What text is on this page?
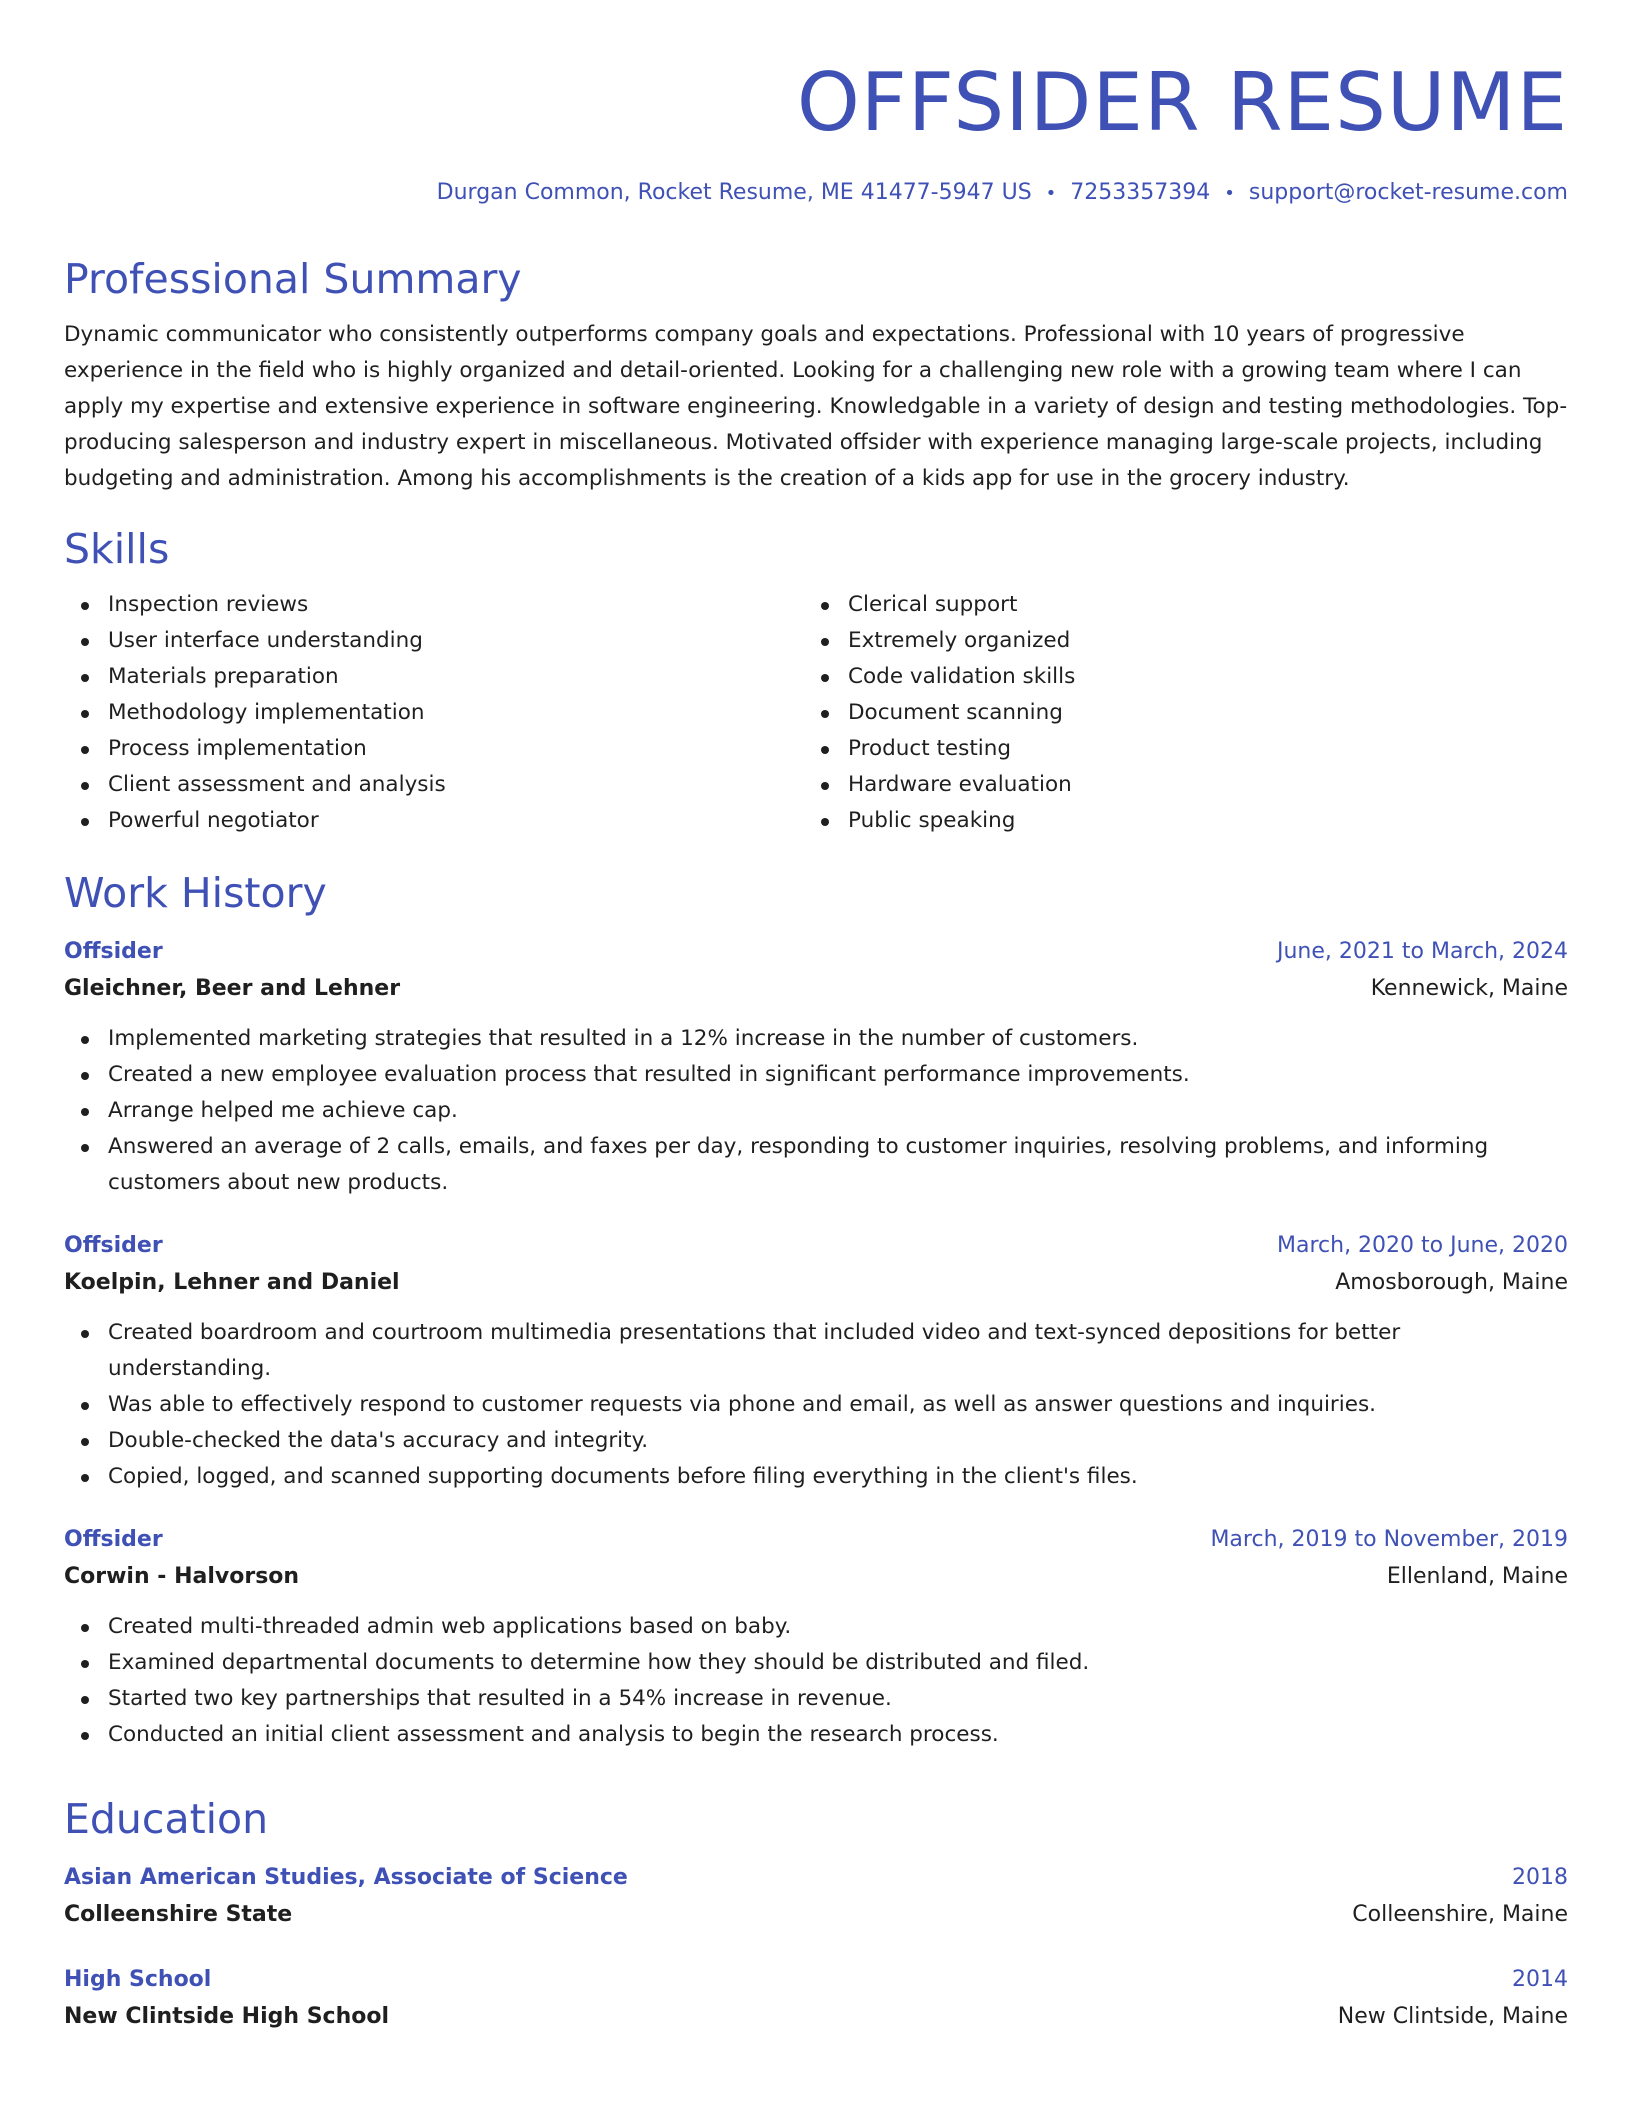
OFFSIDER RESUME
Durgan Common, Rocket Resume, ME 41477-5947 US • 7253357394 • support@rocket-resume.com
Professional Summary
Dynamic communicator who consistently outperforms company goals and expectations. Professional with 10 years of progressive experience in the field who is highly organized and detail-oriented. Looking for a challenging new role with a growing team where I can apply my expertise and extensive experience in software engineering. Knowledgable in a variety of design and testing methodologies. Top-producing salesperson and industry expert in miscellaneous. Motivated offsider with experience managing large-scale projects, including budgeting and administration. Among his accomplishments is the creation of a kids app for use in the grocery industry.
Skills
Inspection reviews
User interface understanding
Materials preparation
Methodology implementation
Process implementation
Client assessment and analysis
Powerful negotiator
Clerical support
Extremely organized
Code validation skills
Document scanning
Product testing
Hardware evaluation
Public speaking
Work History
Offsider	June, 2021 to March, 2024
Gleichner, Beer and Lehner	Kennewick, Maine
Implemented marketing strategies that resulted in a 12% increase in the number of customers.
Created a new employee evaluation process that resulted in significant performance improvements.
Arrange helped me achieve cap.
Answered an average of 2 calls, emails, and faxes per day, responding to customer inquiries, resolving problems, and informing customers about new products.
Offsider	March, 2020 to June, 2020
Koelpin, Lehner and Daniel	Amosborough, Maine
Created boardroom and courtroom multimedia presentations that included video and text-synced depositions for better understanding.
Was able to effectively respond to customer requests via phone and email, as well as answer questions and inquiries.
Double-checked the data's accuracy and integrity.
Copied, logged, and scanned supporting documents before filing everything in the client's files.
Offsider	March, 2019 to November, 2019
Corwin - Halvorson	Ellenland, Maine
Created multi-threaded admin web applications based on baby.
Examined departmental documents to determine how they should be distributed and filed.
Started two key partnerships that resulted in a 54% increase in revenue.
Conducted an initial client assessment and analysis to begin the research process.
Education
Asian American Studies, Associate of Science	2018
Colleenshire State	Colleenshire, Maine
High School	2014
New Clintside High School	New Clintside, Maine
